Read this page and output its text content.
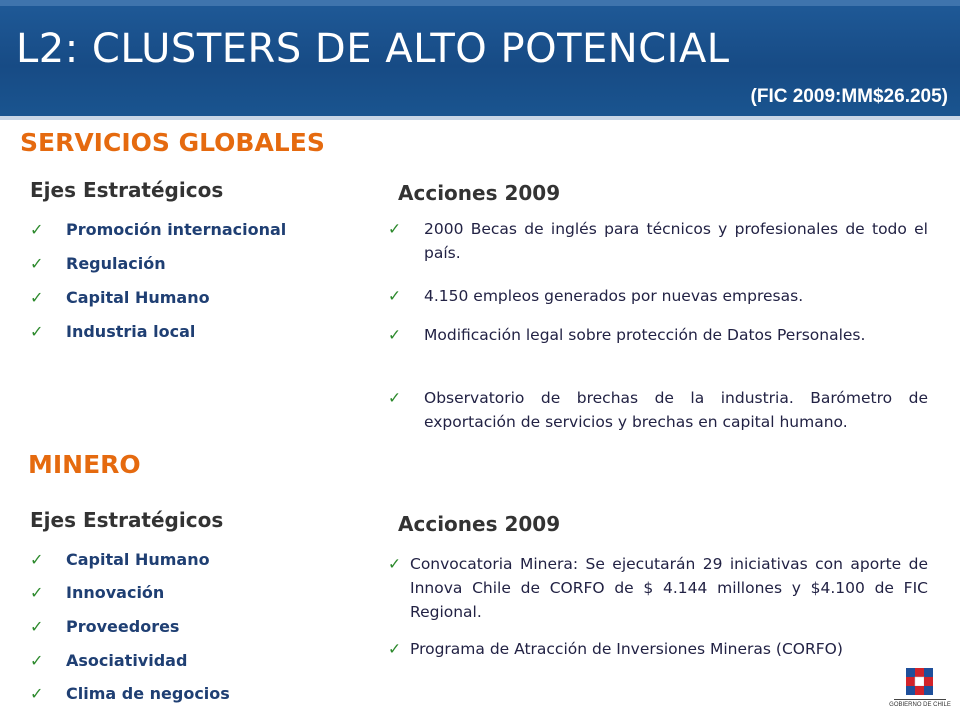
L2: CLUSTERS DE ALTO POTENCIAL
(FIC 2009:MM$26.205)
SERVICIOS GLOBALES
Ejes Estratégicos	Acciones 2009
✓ Promoción internacional
✓ Regulación
✓ Capital Humano
✓ Industria local
✓	2000 Becas de inglés para técnicos y profesionales de todo el país.
✓	4.150 empleos generados por nuevas empresas.
✓	Modificación legal sobre protección de Datos Personales.
✓	Observatorio de brechas de la industria. Barómetro de exportación de servicios y brechas en capital humano.
MINERO
Ejes Estratégicos	Acciones 2009
✓ Capital Humano
✓ Innovación
✓ Proveedores
✓ Asociatividad
✓ Clima de negocios
✓ Convocatoria Minera: Se ejecutarán 29 iniciativas con aporte de Innova Chile de CORFO de $ 4.144 millones y $4.100 de FIC Regional.
✓ Programa de Atracción de Inversiones Mineras (CORFO)
GOBIERNO DE CHILE
